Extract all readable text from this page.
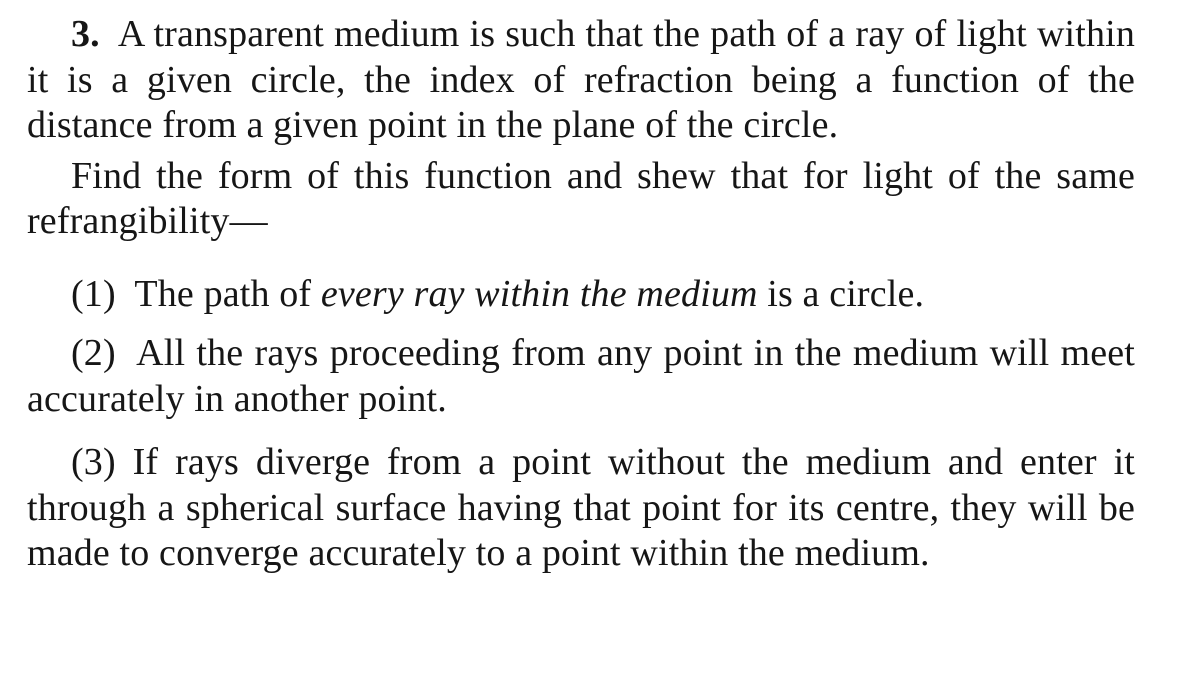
3. A transparent medium is such that the path of a ray of light within it is a given circle, the index of refraction being a function of the distance from a given point in the plane of the circle.

Find the form of this function and shew that for light of the same refrangibility—

(1) The path of every ray within the medium is a circle.

(2) All the rays proceeding from any point in the medium will meet accurately in another point.

(3) If rays diverge from a point without the medium and enter it through a spherical surface having that point for its centre, they will be made to converge accurately to a point within the medium.
